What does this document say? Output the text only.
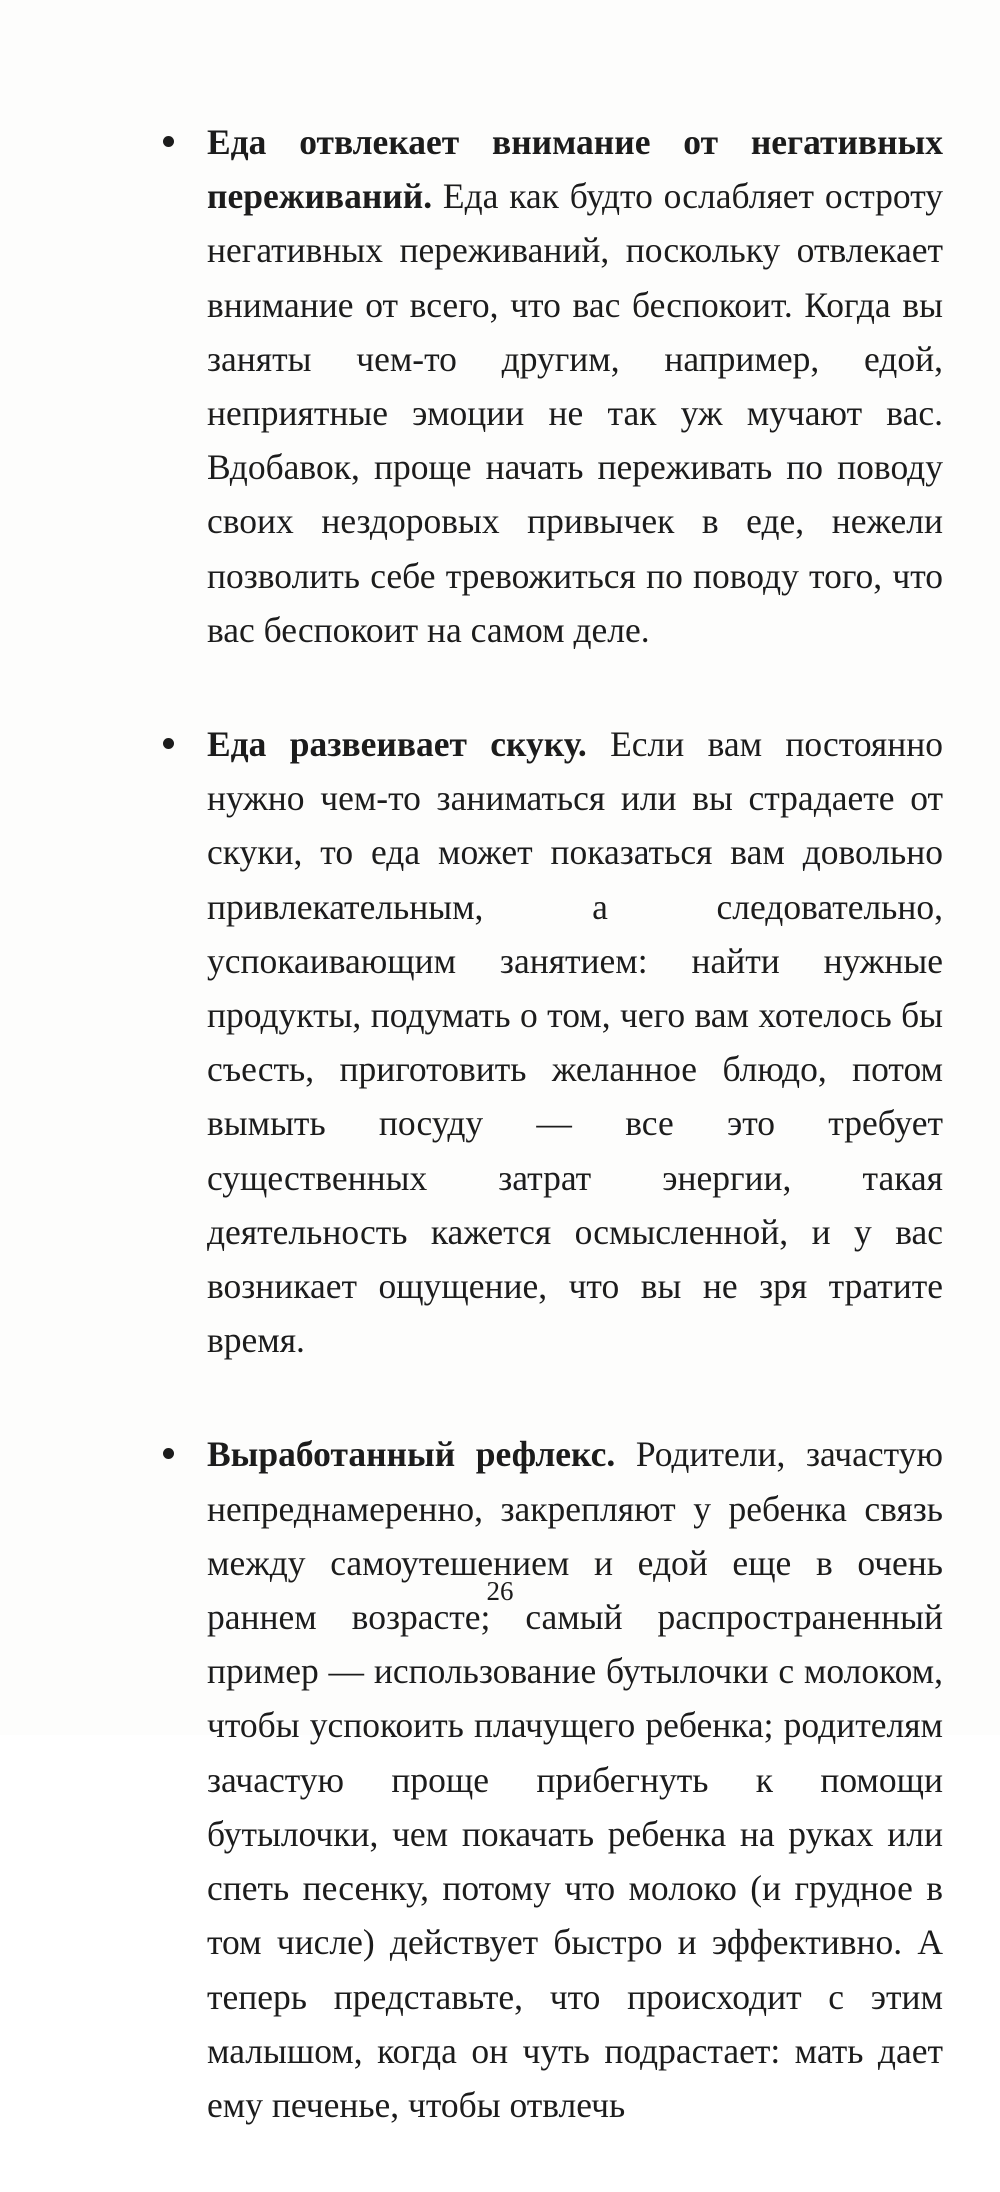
Еда отвлекает внимание от негативных переживаний. Еда как будто ослабляет остроту негативных переживаний, поскольку отвлекает внимание от всего, что вас беспокоит. Когда вы заняты чем-то другим, например, едой, неприятные эмоции не так уж мучают вас. Вдобавок, проще начать переживать по поводу своих нездоровых привычек в еде, нежели позволить себе тревожиться по поводу того, что вас беспокоит на самом деле.
Еда развеивает скуку. Если вам постоянно нужно чем-то заниматься или вы страдаете от скуки, то еда может показаться вам довольно привлекательным, а следовательно, успокаивающим занятием: найти нужные продукты, подумать о том, чего вам хотелось бы съесть, приготовить желанное блюдо, потом вымыть посуду — все это требует существенных затрат энергии, такая деятельность кажется осмысленной, и у вас возникает ощущение, что вы не зря тратите время.
Выработанный рефлекс. Родители, зачастую непреднамеренно, закрепляют у ребенка связь между самоутешением и едой еще в очень раннем возрасте; самый распространенный пример — использование бутылочки с молоком, чтобы успокоить плачущего ребенка; родителям зачастую проще прибегнуть к помощи бутылочки, чем покачать ребенка на руках или спеть песенку, потому что молоко (и грудное в том числе) действует быстро и эффективно. А теперь представьте, что происходит с этим малышом, когда он чуть подрастает: мать дает ему печенье, чтобы отвлечь
26
